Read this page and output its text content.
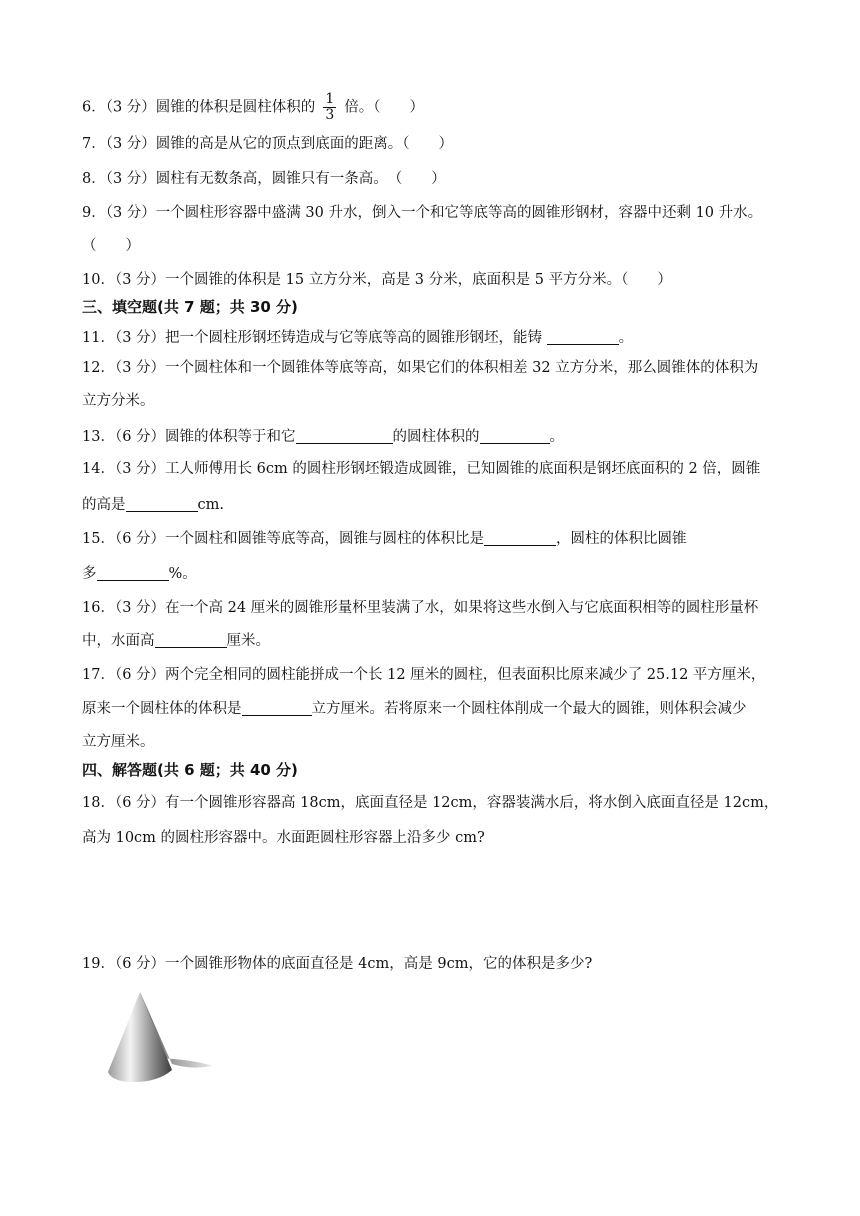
6．（3 分）圆锥的体积是圆柱体积的 $\frac{1}{3}$ 倍。（　　）
7．（3 分）圆锥的高是从它的顶点到底面的距离。（　　）
8．（3 分）圆柱有无数条高，圆锥只有一条高。　（　　）
9．（3 分）一个圆柱形容器中盛满 30 升水，倒入一个和它等底等高的圆锥形钢材，容器中还剩 10 升水。
（　　）
10．（3 分）一个圆锥的体积是 15 立方分米，高是 3 分米，底面积是 5 平方分米。（　　）
三、填空题(共 7 题；共 30 分)
11．（3 分）把一个圆柱形钢坯铸造成与它等底等高的圆锥形钢坯，能铸	。
12．（3 分）一个圆柱体和一个圆锥体等底等高，如果它们的体积相差 32 立方分米，那么圆锥体的体积为
立方分米。
13．（6 分）圆锥的体积等于和它	的圆柱体积的	。
14．（3 分）工人师傅用长 6cm 的圆柱形钢坯锻造成圆锥，已知圆锥的底面积是钢坯底面积的 2 倍，圆锥
的高是	cm.
15．（6 分）一个圆柱和圆锥等底等高，圆锥与圆柱的体积比是	，圆柱的体积比圆锥
多	%。
16．（3 分）在一个高 24 厘米的圆锥形量杯里装满了水，如果将这些水倒入与它底面积相等的圆柱形量杯
中，水面高	厘米。
17．（6 分）两个完全相同的圆柱能拼成一个长 12 厘米的圆柱，但表面积比原来减少了 25.12 平方厘米，
原来一个圆柱体的体积是	立方厘米。若将原来一个圆柱体削成一个最大的圆锥，则体积会减少
立方厘米。
四、解答题(共 6 题；共 40 分)
18．（6 分）有一个圆锥形容器高 18cm，底面直径是 12cm，容器装满水后，将水倒入底面直径是 12cm，
高为 10cm 的圆柱形容器中。水面距圆柱形容器上沿多少 cm?
19．（6 分）一个圆锥形物体的底面直径是 4cm，高是 9cm，它的体积是多少?
